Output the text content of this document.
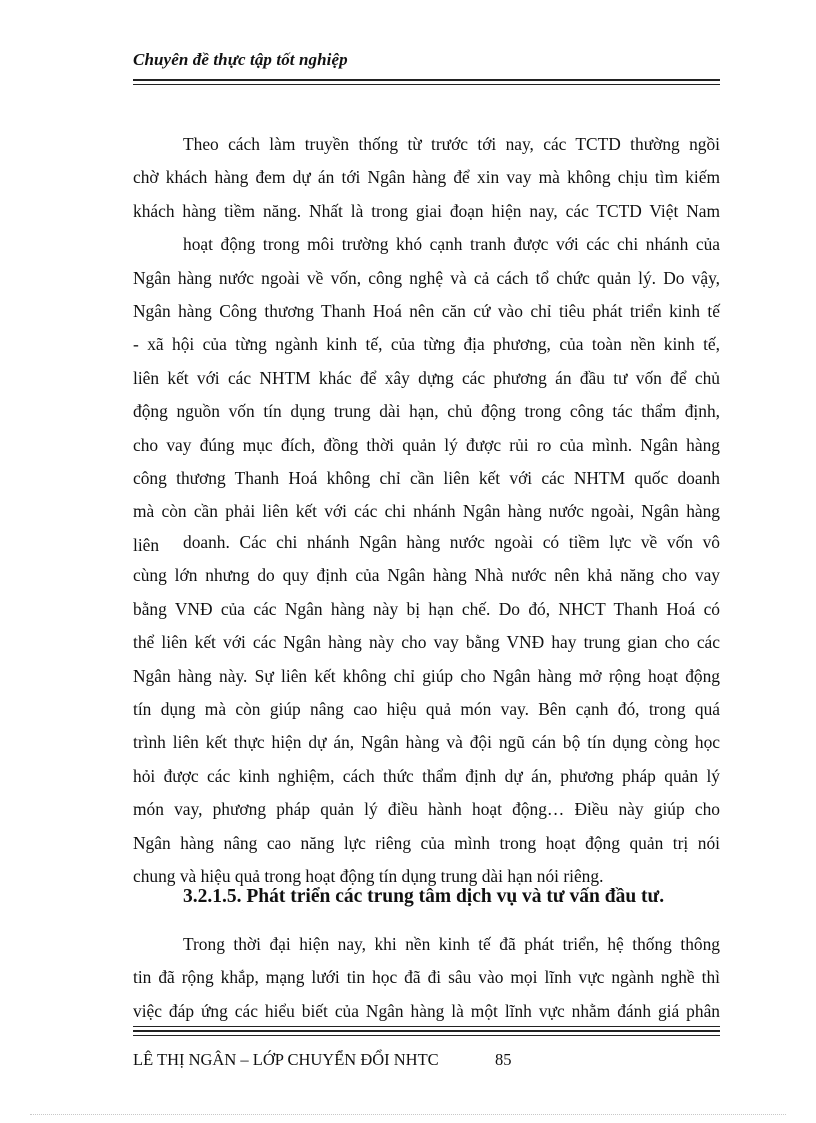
Chuyên đề thực tập tốt nghiệp
Theo cách làm truyền thống từ trước tới nay, các TCTD thường ngồi
chờ khách hàng đem dự án tới Ngân hàng để xin vay mà không chịu tìm kiếm
khách hàng tiềm năng. Nhất là trong giai đoạn hiện nay, các TCTD Việt Nam
hoạt động trong môi trường khó cạnh tranh được với các chi nhánh của
Ngân hàng nước ngoài về vốn, công nghệ và cả cách tổ chức quản lý. Do vậy,
Ngân hàng Công thương Thanh Hoá nên căn cứ vào chỉ tiêu phát triển kinh tế
- xã hội của từng ngành kinh tế, của từng địa phương, của toàn nền kinh tế,
liên kết với các NHTM khác để xây dựng các phương án đầu tư vốn để chủ
động nguồn vốn tín dụng trung dài hạn, chủ động trong công tác thẩm định,
cho vay đúng mục đích, đồng thời quản lý được rủi ro của mình. Ngân hàng
công thương Thanh Hoá không chỉ cần liên kết với các NHTM quốc doanh
mà còn cần phải liên kết với các chi nhánh Ngân hàng nước ngoài, Ngân hàng
liên	doanh. Các chi nhánh Ngân hàng nước ngoài có tiềm lực về vốn vô
cùng lớn nhưng do quy định của Ngân hàng Nhà nước nên khả năng cho vay
bằng VNĐ của các Ngân hàng này bị hạn chế. Do đó, NHCT Thanh Hoá có
thể liên kết với các Ngân hàng này cho vay bằng VNĐ hay trung gian cho các
Ngân hàng này. Sự liên kết không chỉ giúp cho Ngân hàng mở rộng hoạt động
tín dụng mà còn giúp nâng cao hiệu quả món vay. Bên cạnh đó, trong quá
trình liên kết thực hiện dự án, Ngân hàng và đội ngũ cán bộ tín dụng còng học
hỏi được các kinh nghiệm, cách thức thẩm định dự án, phương pháp quản lý
món vay, phương pháp quản lý điều hành hoạt động… Điều này giúp cho
Ngân hàng nâng cao năng lực riêng của mình trong hoạt động quản trị nói
chung và hiệu quả trong hoạt động tín dụng trung dài hạn nói riêng.
3.2.1.5. Phát triển các trung tâm dịch vụ và tư vấn đầu tư.
Trong thời đại hiện nay, khi nền kinh tế đã phát triển, hệ thống thông
tin đã rộng khắp, mạng lưới tin học đã đi sâu vào mọi lĩnh vực ngành nghề thì
việc đáp ứng các hiểu biết của Ngân hàng là một lĩnh vực nhằm đánh giá phân
LÊ THỊ NGÂN – LỚP CHUYỂN ĐỔI NHTC	85
